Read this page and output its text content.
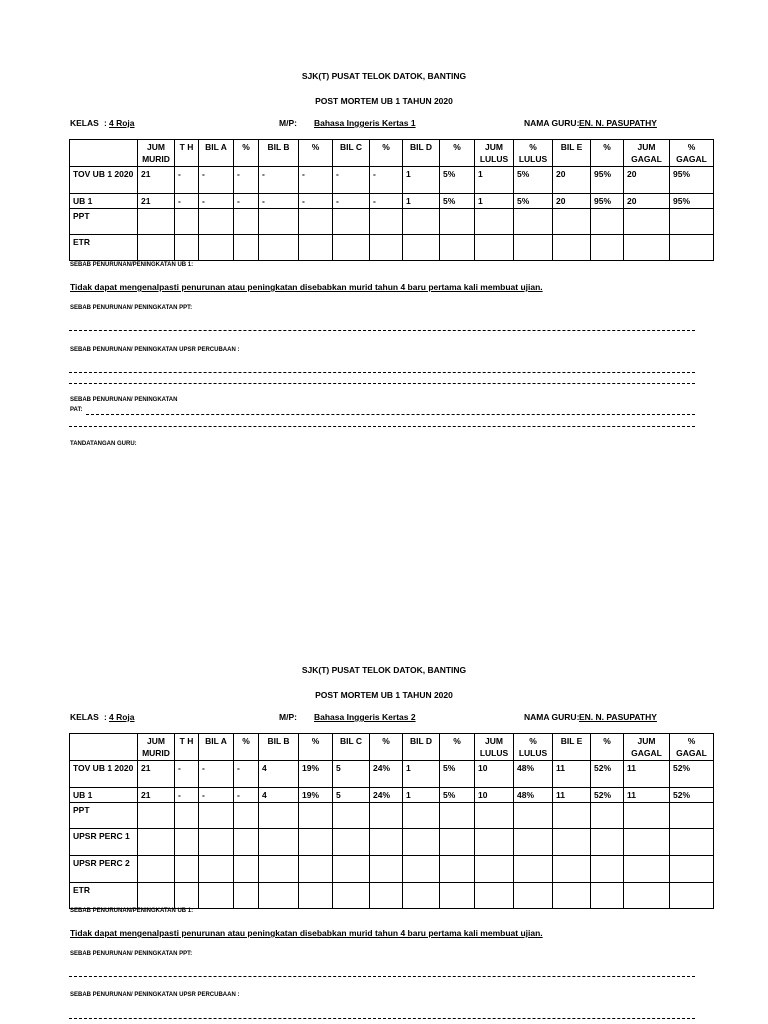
SJK(T) PUSAT TELOK DATOK, BANTING
POST MORTEM UB 1 TAHUN 2020
KELAS : 4 Roja	M/P: Bahasa Inggeris Kertas 1	NAMA GURU: EN. N. PASUPATHY
	JUM MURID	T H	BIL A	%	BIL B	%	BIL C	%	BIL D	%	JUM LULUS	% LULUS	BIL E	%	JUM GAGAL	% GAGAL
TOV UB 1 2020	21	-	-	-	-	-	-	-	1	5%	1	5%	20	95%	20	95%
UB 1	21	-	-	-	-	-	-	-	1	5%	1	5%	20	95%	20	95%
PPT																
ETR																
SEBAB PENURUNAN/PENINGKATAN UB 1:
Tidak dapat mengenalpasti penurunan atau peningkatan disebabkan murid tahun 4 baru pertama kali membuat ujian.
SEBAB PENURUNAN/ PENINGKATAN PPT:
SEBAB PENURUNAN/ PENINGKATAN UPSR PERCUBAAN :
SEBAB PENURUNAN/ PENINGKATAN
PAT:
TANDATANGAN GURU:
SJK(T) PUSAT TELOK DATOK, BANTING
POST MORTEM UB 1 TAHUN 2020
KELAS : 4 Roja	M/P: Bahasa Inggeris Kertas 2	NAMA GURU: EN. N. PASUPATHY
	JUM MURID	T H	BIL A	%	BIL B	%	BIL C	%	BIL D	%	JUM LULUS	% LULUS	BIL E	%	JUM GAGAL	% GAGAL
TOV UB 1 2020	21	-	-	-	4	19%	5	24%	1	5%	10	48%	11	52%	11	52%
UB 1	21	-	-	-	4	19%	5	24%	1	5%	10	48%	11	52%	11	52%
PPT																
UPSR PERC 1																
UPSR PERC 2																
ETR																
SEBAB PENURUNAN/PENINGKATAN UB 1:
Tidak dapat mengenalpasti penurunan atau peningkatan disebabkan murid tahun 4 baru pertama kali membuat ujian.
SEBAB PENURUNAN/ PENINGKATAN PPT:
SEBAB PENURUNAN/ PENINGKATAN UPSR PERCUBAAN :
